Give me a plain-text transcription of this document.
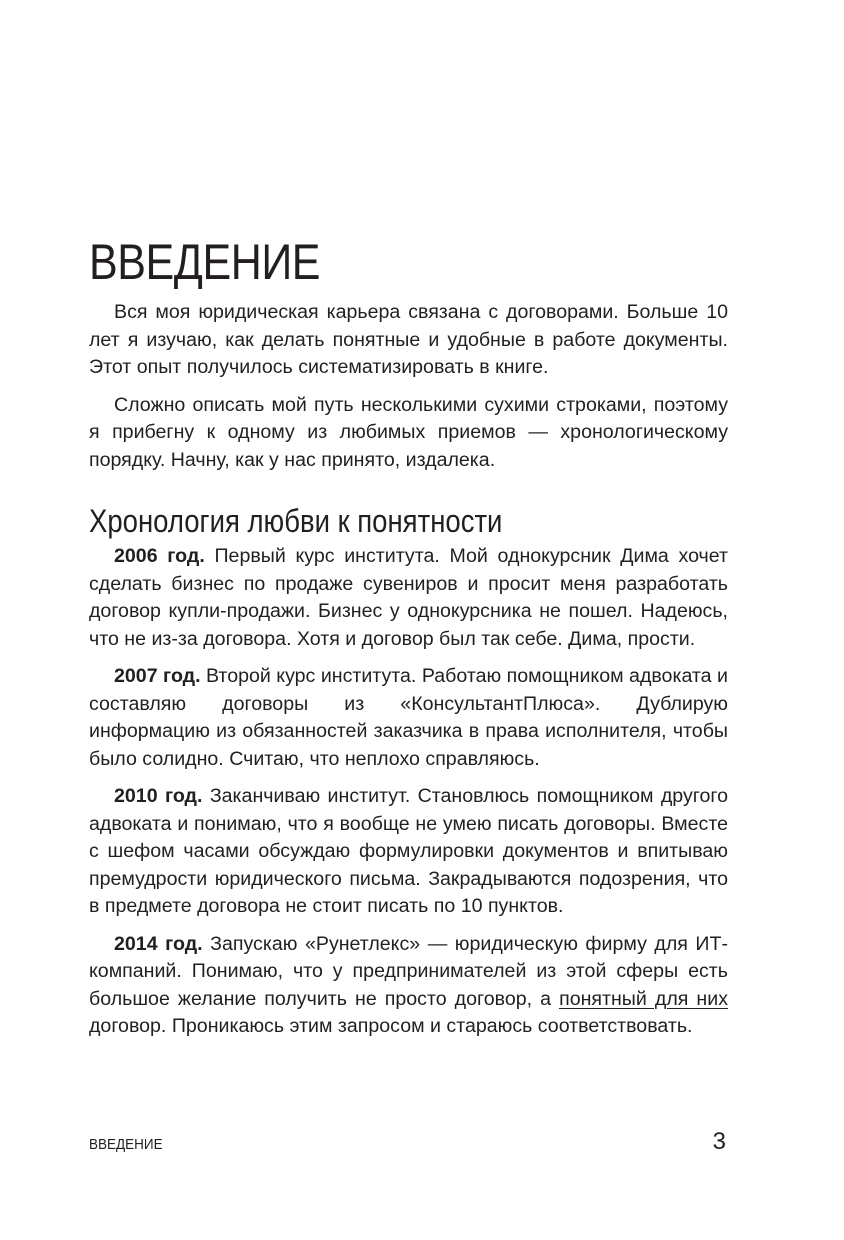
ВВЕДЕНИЕ

Вся моя юридическая карьера связана с договорами. Больше 10 лет я изучаю, как делать понятные и удобные в работе документы. Этот опыт получилось систематизировать в книге.

Сложно описать мой путь несколькими сухими строками, поэтому я прибегну к одному из любимых приемов — хронологическому порядку. Начну, как у нас принято, издалека.

Хронология любви к понятности

2006 год. Первый курс института. Мой однокурсник Дима хочет сделать бизнес по продаже сувениров и просит меня разработать договор купли-продажи. Бизнес у однокурсника не пошел. Надеюсь, что не из-за договора. Хотя и договор был так себе. Дима, прости.

2007 год. Второй курс института. Работаю помощником адвоката и составляю договоры из «КонсультантПлюса». Дублирую информацию из обязанностей заказчика в права исполнителя, чтобы было солидно. Считаю, что неплохо справляюсь.

2010 год. Заканчиваю институт. Становлюсь помощником другого адвоката и понимаю, что я вообще не умею писать договоры. Вместе с шефом часами обсуждаю формулировки документов и впитываю премудрости юридического письма. Закрадываются подозрения, что в предмете договора не стоит писать по 10 пунктов.

2014 год. Запускаю «Рунетлекс» — юридическую фирму для ИТ-компаний. Понимаю, что у предпринимателей из этой сферы есть большое желание получить не просто договор, а понятный для них договор. Проникаюсь этим запросом и стараюсь соответствовать.

ВВЕДЕНИЕ	3
